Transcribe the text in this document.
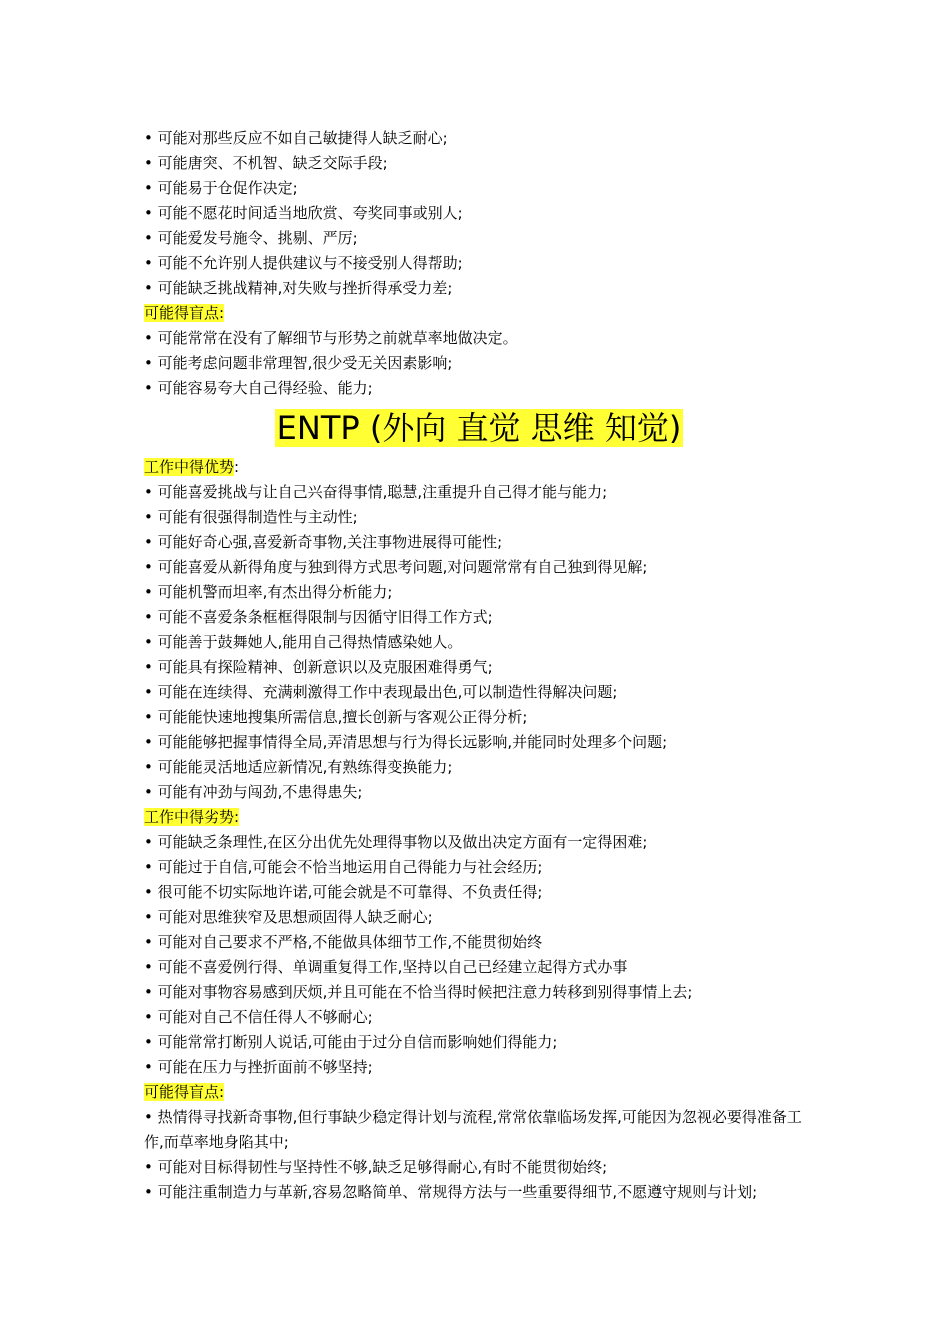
• 可能对那些反应不如自己敏捷得人缺乏耐心;
• 可能唐突、不机智、缺乏交际手段;
• 可能易于仓促作决定;
• 可能不愿花时间适当地欣赏、夸奖同事或别人;
• 可能爱发号施令、挑剔、严厉;
• 可能不允许别人提供建议与不接受别人得帮助;
• 可能缺乏挑战精神,对失败与挫折得承受力差;
可能得盲点:
• 可能常常在没有了解细节与形势之前就草率地做决定。
• 可能考虑问题非常理智,很少受无关因素影响;
• 可能容易夸大自己得经验、能力;
ENTP (外向 直觉 思维 知觉)
工作中得优势:
• 可能喜爱挑战与让自己兴奋得事情,聪慧,注重提升自己得才能与能力;
• 可能有很强得制造性与主动性;
• 可能好奇心强,喜爱新奇事物,关注事物进展得可能性;
• 可能喜爱从新得角度与独到得方式思考问题,对问题常常有自己独到得见解;
• 可能机警而坦率,有杰出得分析能力;
• 可能不喜爱条条框框得限制与因循守旧得工作方式;
• 可能善于鼓舞她人,能用自己得热情感染她人。
• 可能具有探险精神、创新意识以及克服困难得勇气;
• 可能在连续得、充满刺激得工作中表现最出色,可以制造性得解决问题;
• 可能能快速地搜集所需信息,擅长创新与客观公正得分析;
• 可能能够把握事情得全局,弄清思想与行为得长远影响,并能同时处理多个问题;
• 可能能灵活地适应新情况,有熟练得变换能力;
• 可能有冲劲与闯劲,不患得患失;
工作中得劣势:
• 可能缺乏条理性,在区分出优先处理得事物以及做出决定方面有一定得困难;
• 可能过于自信,可能会不恰当地运用自己得能力与社会经历;
• 很可能不切实际地许诺,可能会就是不可靠得、不负责任得;
• 可能对思维狭窄及思想顽固得人缺乏耐心;
• 可能对自己要求不严格,不能做具体细节工作,不能贯彻始终
• 可能不喜爱例行得、单调重复得工作,坚持以自己已经建立起得方式办事
• 可能对事物容易感到厌烦,并且可能在不恰当得时候把注意力转移到别得事情上去;
• 可能对自己不信任得人不够耐心;
• 可能常常打断别人说话,可能由于过分自信而影响她们得能力;
• 可能在压力与挫折面前不够坚持;
可能得盲点:
• 热情得寻找新奇事物,但行事缺少稳定得计划与流程,常常依靠临场发挥,可能因为忽视必要得准备工作,而草率地身陷其中;
• 可能对目标得韧性与坚持性不够,缺乏足够得耐心,有时不能贯彻始终;
• 可能注重制造力与革新,容易忽略简单、常规得方法与一些重要得细节,不愿遵守规则与计划;
